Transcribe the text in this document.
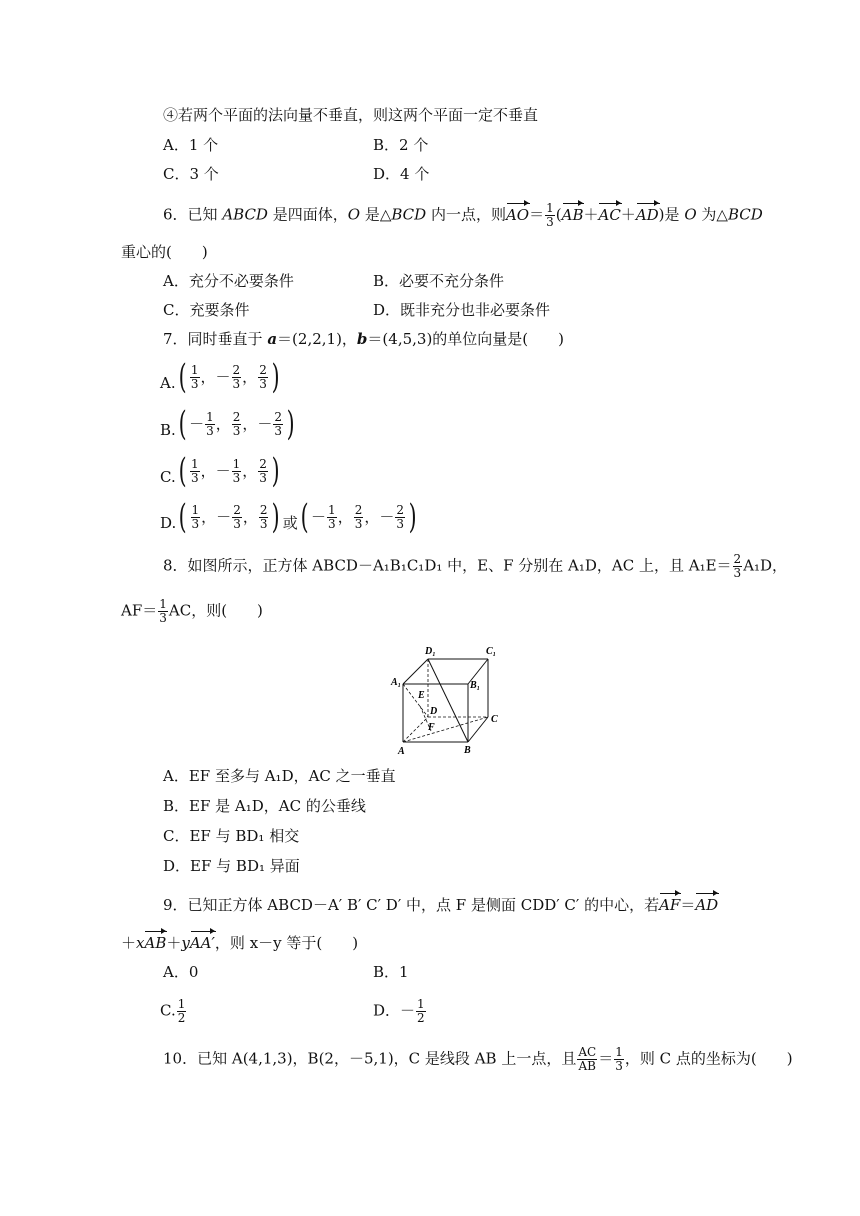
④若两个平面的法向量不垂直，则这两个平面一定不垂直
A．1 个	B．2 个
C．3 个	D．4 个
6．已知 ABCD 是四面体，O 是△BCD 内一点，则$AO= \frac{1}{3} (AB+AC+AD)$是 O 为△BCD
重心的(　　)
A．充分不必要条件	B．必要不充分条件
C．充要条件	D．既非充分也非必要条件
7．同时垂直于 a＝(2,2,1)，b＝(4,5,3)的单位向量是(　　)
A. ( $\frac{1}{3}$ ，－ $\frac{2}{3}$ ， $\frac{2}{3}$ )
B. ( － $\frac{1}{3}$ ， $\frac{2}{3}$ ，－ $\frac{2}{3}$ )
C. ( $\frac{1}{3}$ ，－ $\frac{1}{3}$ ， $\frac{2}{3}$ )
D. ( $\frac{1}{3}$ ，－ $\frac{2}{3}$ ， $\frac{2}{3}$ ) 或 ( － $\frac{1}{3}$ ， $\frac{2}{3}$ ，－ $\frac{2}{3}$ )
8．如图所示，正方体 ABCD－A₁B₁C₁D₁ 中，E、F 分别在 A₁D，AC 上，且 $A_1E= \frac{2}{3} A_1D$，
$AF= \frac{1}{3}$ AC，则(　　)
D₁	C₁
A₁	B₁
E
D
C
F
A	B
A．EF 至多与 A₁D，AC 之一垂直
B．EF 是 A₁D，AC 的公垂线
C．EF 与 BD₁ 相交
D．EF 与 BD₁ 异面
9．已知正方体 ABCD－A′ B′ C′ D′ 中，点 F 是侧面 CDD′ C′ 的中心，若AF＝AD
＋xAB＋yAA′，则 x－y 等于(　　)
A．0	B．1
C. $\frac{1}{2}$	D．－ $\frac{1}{2}$
10．已知 A(4,1,3)，B(2，－5,1)，C 是线段 AB 上一点，且 $\frac{AC}{AB} = \frac{1}{3}$ ，则 C 点的坐标为(　　)
